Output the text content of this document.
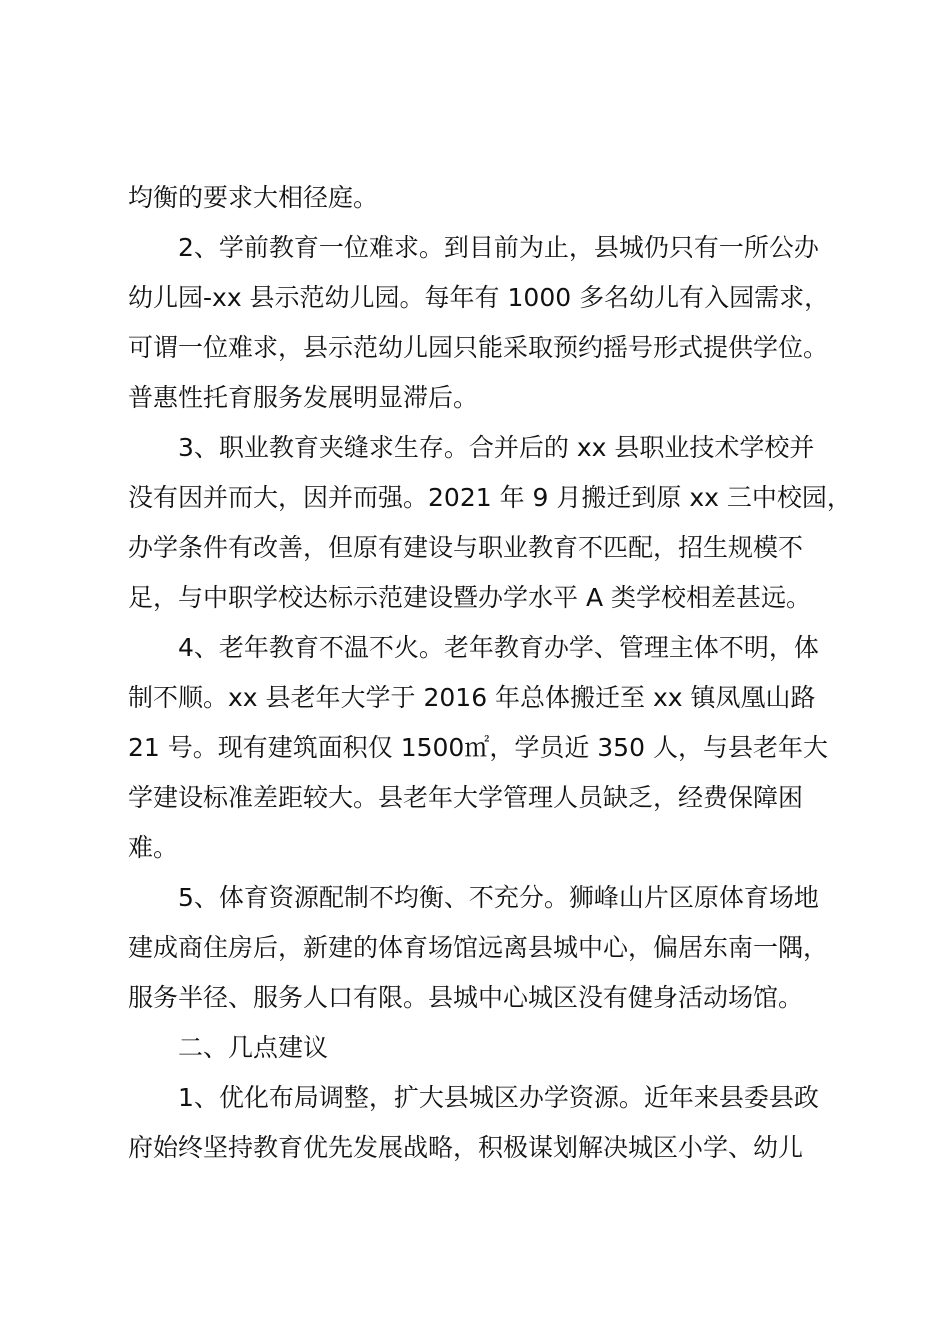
均衡的要求大相径庭。
2、学前教育一位难求。到目前为止，县城仍只有一所公办
幼儿园-xx 县示范幼儿园。每年有 1000 多名幼儿有入园需求，
可谓一位难求，县示范幼儿园只能采取预约摇号形式提供学位。
普惠性托育服务发展明显滞后。
3、职业教育夹缝求生存。合并后的 xx 县职业技术学校并
没有因并而大，因并而强。2021 年 9 月搬迁到原 xx 三中校园，
办学条件有改善，但原有建设与职业教育不匹配，招生规模不
足，与中职学校达标示范建设暨办学水平 A 类学校相差甚远。
4、老年教育不温不火。老年教育办学、管理主体不明，体
制不顺。xx 县老年大学于 2016 年总体搬迁至 xx 镇凤凰山路
21 号。现有建筑面积仅 1500㎡，学员近 350 人，与县老年大
学建设标准差距较大。县老年大学管理人员缺乏，经费保障困
难。
5、体育资源配制不均衡、不充分。狮峰山片区原体育场地
建成商住房后，新建的体育场馆远离县城中心，偏居东南一隅，
服务半径、服务人口有限。县城中心城区没有健身活动场馆。
二、几点建议
1、优化布局调整，扩大县城区办学资源。近年来县委县政
府始终坚持教育优先发展战略，积极谋划解决城区小学、幼儿
